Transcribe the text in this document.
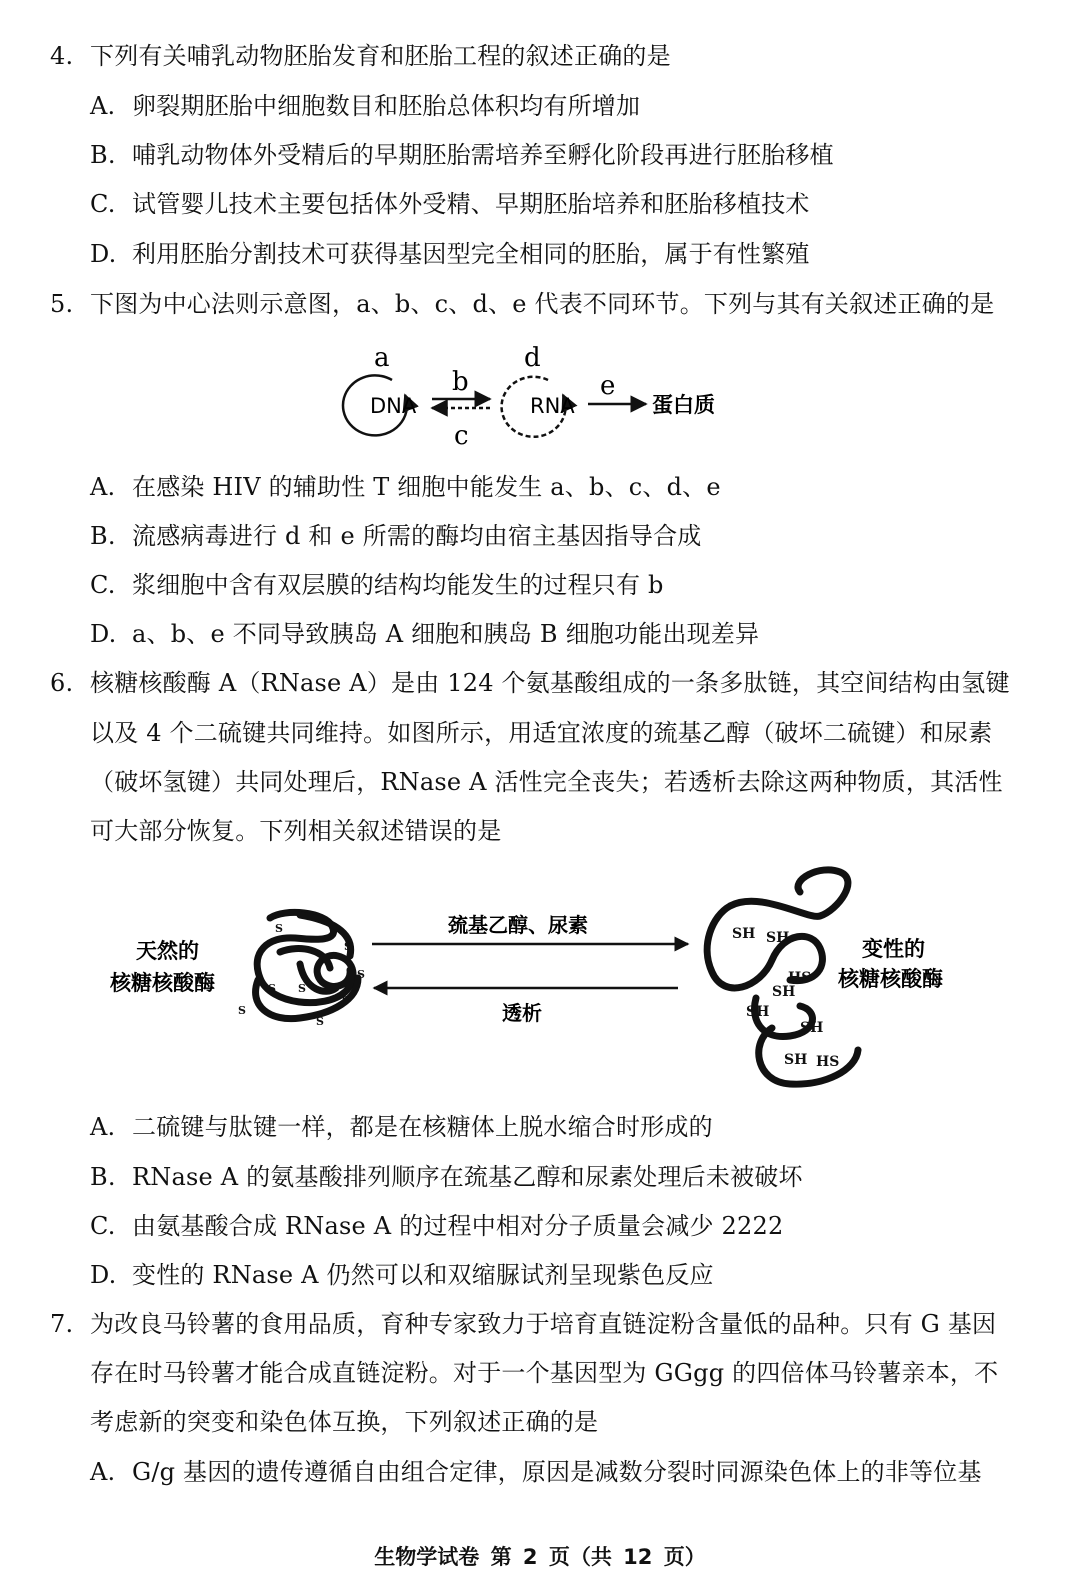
4. 下列有关哺乳动物胚胎发育和胚胎工程的叙述正确的是
A. 卵裂期胚胎中细胞数目和胚胎总体积均有所增加
B. 哺乳动物体外受精后的早期胚胎需培养至孵化阶段再进行胚胎移植
C. 试管婴儿技术主要包括体外受精、早期胚胎培养和胚胎移植技术
D. 利用胚胎分割技术可获得基因型完全相同的胚胎，属于有性繁殖
5. 下图为中心法则示意图，a、b、c、d、e 代表不同环节。下列与其有关叙述正确的是
a
DNA
b
c
d
RNA
e
蛋白质
A. 在感染 HIV 的辅助性 T 细胞中能发生 a、b、c、d、e
B. 流感病毒进行 d 和 e 所需的酶均由宿主基因指导合成
C. 浆细胞中含有双层膜的结构均能发生的过程只有 b
D. a、b、e 不同导致胰岛 A 细胞和胰岛 B 细胞功能出现差异
6. 核糖核酸酶 A（RNase A）是由 124 个氨基酸组成的一条多肽链，其空间结构由氢键
以及 4 个二硫键共同维持。如图所示，用适宜浓度的巯基乙醇（破坏二硫键）和尿素
（破坏氢键）共同处理后，RNase A 活性完全丧失；若透析去除这两种物质，其活性
可大部分恢复。下列相关叙述错误的是
天然的
核糖核酸酶
S
S
S
S S
S
S
S
巯基乙醇、尿素
透析
SH SH
HS
SH
SH
SH
SH HS
变性的
核糖核酸酶
A. 二硫键与肽键一样，都是在核糖体上脱水缩合时形成的
B. RNase A 的氨基酸排列顺序在巯基乙醇和尿素处理后未被破坏
C. 由氨基酸合成 RNase A 的过程中相对分子质量会减少 2222
D. 变性的 RNase A 仍然可以和双缩脲试剂呈现紫色反应
7. 为改良马铃薯的食用品质，育种专家致力于培育直链淀粉含量低的品种。只有 G 基因
存在时马铃薯才能合成直链淀粉。对于一个基因型为 GGgg 的四倍体马铃薯亲本，不
考虑新的突变和染色体互换，下列叙述正确的是
A. G/g 基因的遗传遵循自由组合定律，原因是减数分裂时同源染色体上的非等位基
生物学试卷 第 2 页（共 12 页）
